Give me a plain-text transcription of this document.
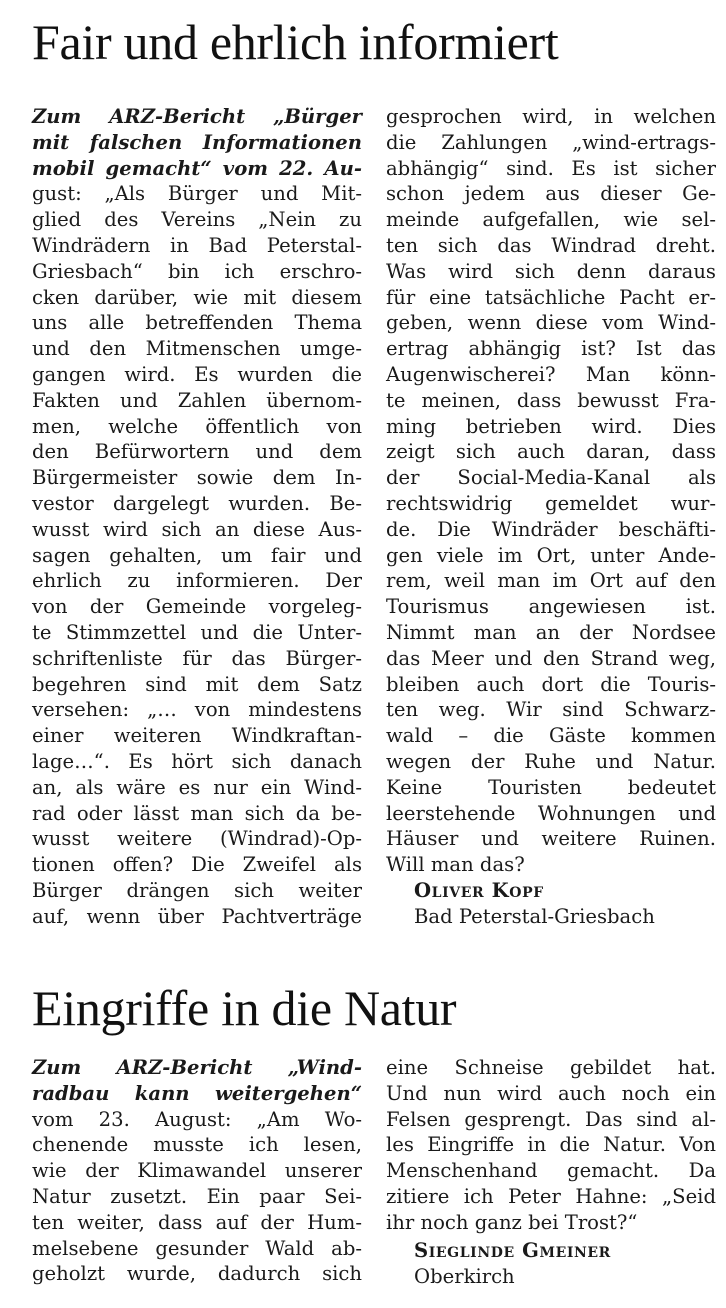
Fair und ehrlich informiert
Zum ARZ-Bericht „Bürger
mit falschen Informationen
mobil gemacht“ vom 22. Au-
gust: „Als Bürger und Mit-
glied des Vereins „Nein zu
Windrädern in Bad Peterstal-
Griesbach“ bin ich erschro-
cken darüber, wie mit diesem
uns alle betreffenden Thema
und den Mitmenschen umge-
gangen wird. Es wurden die
Fakten und Zahlen übernom-
men, welche öffentlich von
den Befürwortern und dem
Bürgermeister sowie dem In-
vestor dargelegt wurden. Be-
wusst wird sich an diese Aus-
sagen gehalten, um fair und
ehrlich zu informieren. Der
von der Gemeinde vorgeleg-
te Stimmzettel und die Unter-
schriftenliste für das Bürger-
begehren sind mit dem Satz
versehen: „… von mindestens
einer weiteren Windkraftan-
lage…“. Es hört sich danach
an, als wäre es nur ein Wind-
rad oder lässt man sich da be-
wusst weitere (Windrad)-Op-
tionen offen? Die Zweifel als
Bürger drängen sich weiter
auf, wenn über Pachtverträge
gesprochen wird, in welchen
die Zahlungen „wind-ertrags-
abhängig“ sind. Es ist sicher
schon jedem aus dieser Ge-
meinde aufgefallen, wie sel-
ten sich das Windrad dreht.
Was wird sich denn daraus
für eine tatsächliche Pacht er-
geben, wenn diese vom Wind-
ertrag abhängig ist? Ist das
Augenwischerei? Man könn-
te meinen, dass bewusst Fra-
ming betrieben wird. Dies
zeigt sich auch daran, dass
der Social-Media-Kanal als
rechtswidrig gemeldet wur-
de. Die Windräder beschäfti-
gen viele im Ort, unter Ande-
rem, weil man im Ort auf den
Tourismus angewiesen ist.
Nimmt man an der Nordsee
das Meer und den Strand weg,
bleiben auch dort die Touris-
ten weg. Wir sind Schwarz-
wald – die Gäste kommen
wegen der Ruhe und Natur.
Keine Touristen bedeutet
leerstehende Wohnungen und
Häuser und weitere Ruinen.
Will man das?
Oliver Kopf
Bad Peterstal-Griesbach
Eingriffe in die Natur
Zum ARZ-Bericht „Wind-
radbau kann weitergehen“
vom 23. August: „Am Wo-
chenende musste ich lesen,
wie der Klimawandel unserer
Natur zusetzt. Ein paar Sei-
ten weiter, dass auf der Hum-
melsebene gesunder Wald ab-
geholzt wurde, dadurch sich
eine Schneise gebildet hat.
Und nun wird auch noch ein
Felsen gesprengt. Das sind al-
les Eingriffe in die Natur. Von
Menschenhand gemacht. Da
zitiere ich Peter Hahne: „Seid
ihr noch ganz bei Trost?“
Sieglinde Gmeiner
Oberkirch
